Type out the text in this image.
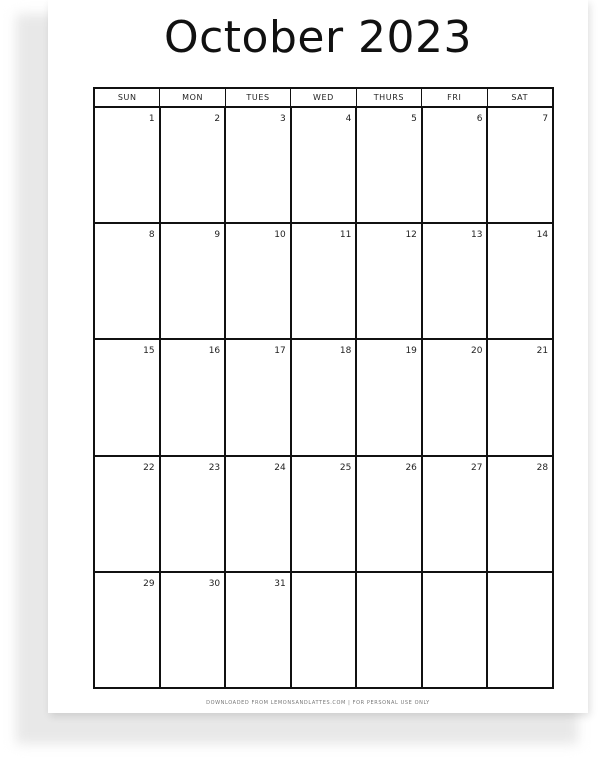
October 2023
SUN	MON	TUES	WED	THURS	FRI	SAT
1	2	3	4	5	6	7
8	9	10	11	12	13	14
15	16	17	18	19	20	21
22	23	24	25	26	27	28
29	30	31
DOWNLOADED FROM LEMONSANDLATTES.COM | FOR PERSONAL USE ONLY
